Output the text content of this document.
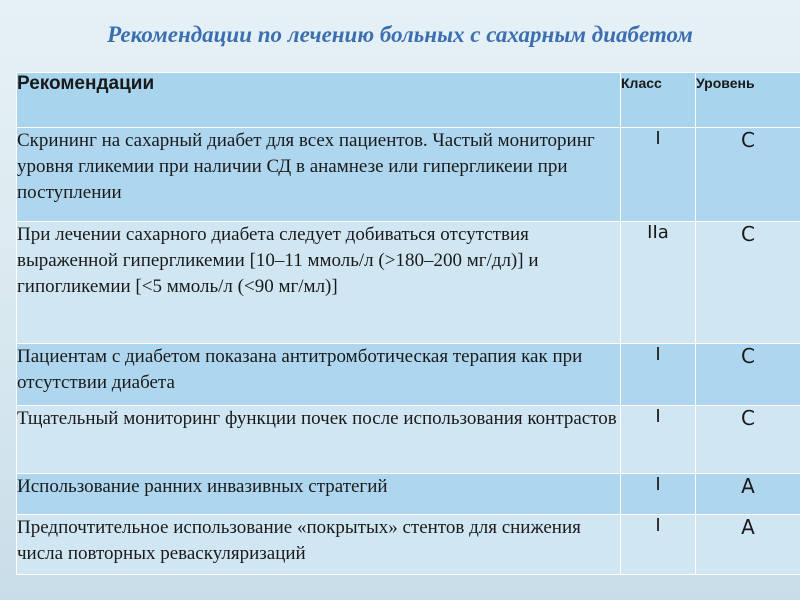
Рекомендации по лечению больных с сахарным диабетом
Рекомендации	Класс	Уровень
Скрининг на сахарный диабет для всех пациентов. Частый мониторинг уровня гликемии при наличии СД в анамнезе или гипергликеии при поступлении	I	C
При лечении сахарного диабета следует добиваться отсутствия выраженной гипергликемии [10–11 ммоль/л (>180–200 мг/дл)] и гипогликемии [<5 ммоль/л (<90 мг/мл)]	IIa	C
Пациентам с диабетом показана антитромботическая терапия как при отсутствии диабета	I	C
Тщательный мониторинг функции почек после использования контрастов	I	C
Использование ранних инвазивных стратегий	I	A
Предпочтительное использование «покрытых» стентов для снижения числа повторных реваскуляризаций	I	A
